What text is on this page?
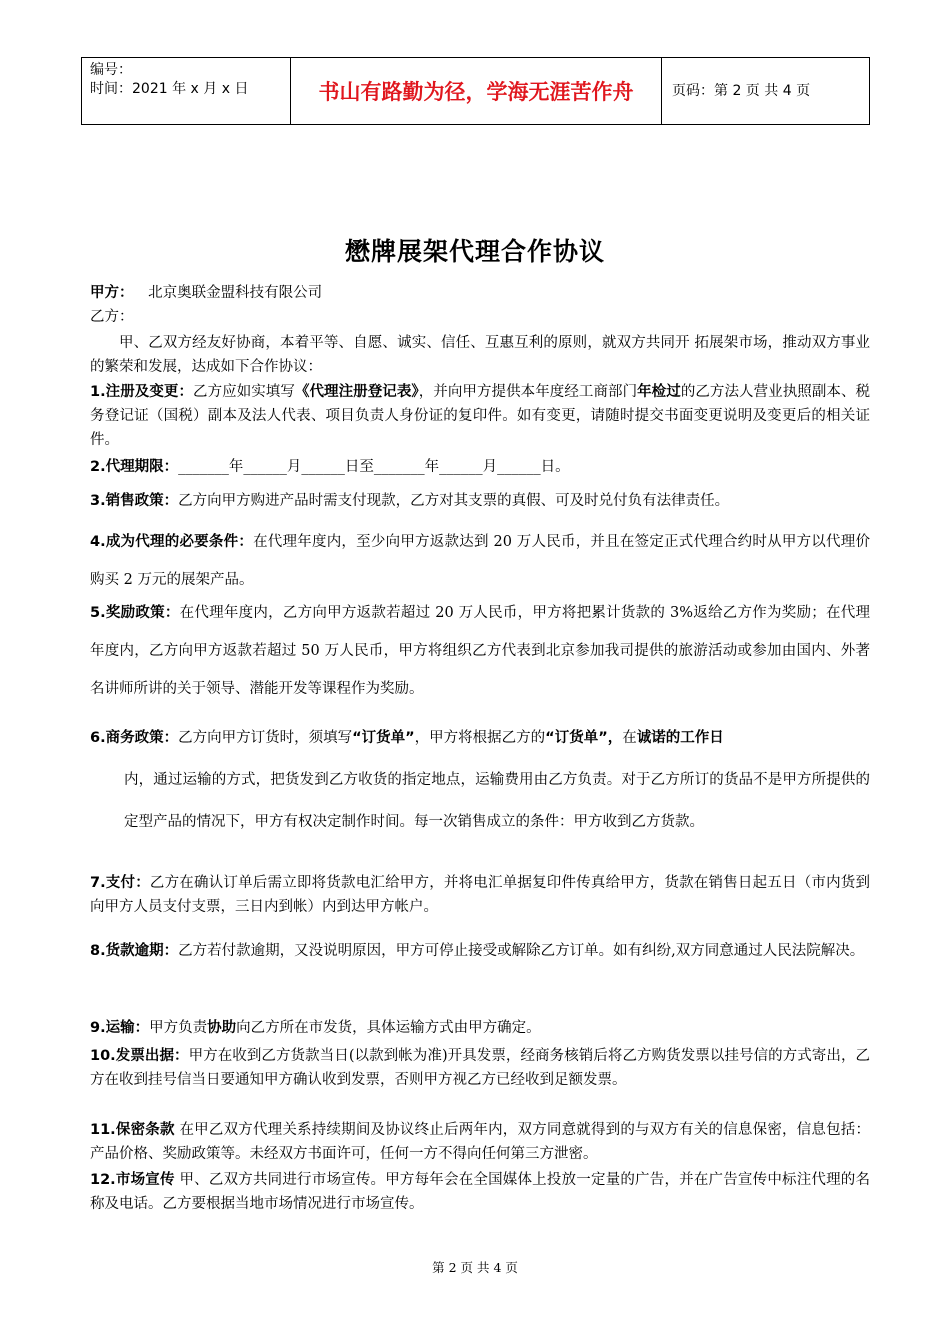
编号：
时间：2021 年 x 月 x 日	书山有路勤为径，学海无涯苦作舟	页码：第 2 页 共 4 页
懋牌展架代理合作协议
甲方： 北京奥联金盟科技有限公司
乙方：
甲、乙双方经友好协商，本着平等、自愿、诚实、信任、互惠互利的原则，就双方共同开 拓展架市场，推动双方事业的繁荣和发展，达成如下合作协议：
1.注册及变更：乙方应如实填写《代理注册登记表》，并向甲方提供本年度经工商部门年检过的乙方法人营业执照副本、税务登记证（国税）副本及法人代表、项目负责人身份证的复印件。如有变更，请随时提交书面变更说明及变更后的相关证件。
2.代理期限：_______年______月______日至_______年______月______日。
3.销售政策：乙方向甲方购进产品时需支付现款，乙方对其支票的真假、可及时兑付负有法律责任。
4.成为代理的必要条件：在代理年度内，至少向甲方返款达到 20 万人民币，并且在签定正式代理合约时从甲方以代理价购买 2 万元的展架产品。
5.奖励政策：在代理年度内，乙方向甲方返款若超过 20 万人民币，甲方将把累计货款的 3%返给乙方作为奖励；在代理年度内，乙方向甲方返款若超过 50 万人民币，甲方将组织乙方代表到北京参加我司提供的旅游活动或参加由国内、外著名讲师所讲的关于领导、潜能开发等课程作为奖励。
6.商务政策：乙方向甲方订货时，须填写“订货单”，甲方将根据乙方的“订货单”，在诚诺的工作日
内，通过运输的方式，把货发到乙方收货的指定地点，运输费用由乙方负责。对于乙方所订的货品不是甲方所提供的定型产品的情况下，甲方有权决定制作时间。每一次销售成立的条件：甲方收到乙方货款。
7.支付：乙方在确认订单后需立即将货款电汇给甲方，并将电汇单据复印件传真给甲方，货款在销售日起五日（市内货到向甲方人员支付支票，三日内到帐）内到达甲方帐户。
8.货款逾期：乙方若付款逾期，又没说明原因，甲方可停止接受或解除乙方订单。如有纠纷,双方同意通过人民法院解决。
9.运输：甲方负责协助向乙方所在市发货，具体运输方式由甲方确定。
10.发票出据：甲方在收到乙方货款当日(以款到帐为准)开具发票，经商务核销后将乙方购货发票以挂号信的方式寄出，乙方在收到挂号信当日要通知甲方确认收到发票，否则甲方视乙方已经收到足额发票。
11.保密条款 在甲乙双方代理关系持续期间及协议终止后两年内，双方同意就得到的与双方有关的信息保密，信息包括：产品价格、奖励政策等。未经双方书面许可，任何一方不得向任何第三方泄密。
12.市场宣传 甲、乙双方共同进行市场宣传。甲方每年会在全国媒体上投放一定量的广告，并在广告宣传中标注代理的名称及电话。乙方要根据当地市场情况进行市场宣传。
第 2 页 共 4 页
